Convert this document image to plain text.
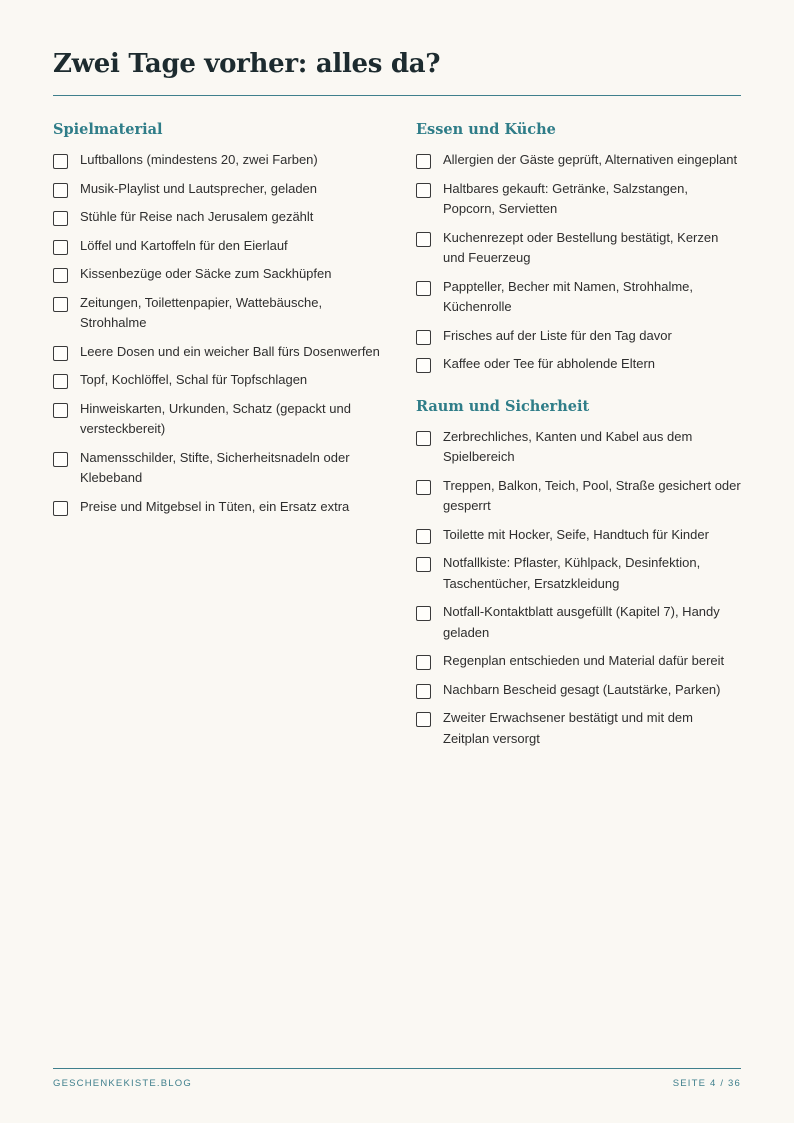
Zwei Tage vorher: alles da?
Spielmaterial
Luftballons (mindestens 20, zwei Farben)
Musik-Playlist und Lautsprecher, geladen
Stühle für Reise nach Jerusalem gezählt
Löffel und Kartoffeln für den Eierlauf
Kissenbezüge oder Säcke zum Sackhüpfen
Zeitungen, Toilettenpapier, Wattebäusche, Strohhalme
Leere Dosen und ein weicher Ball fürs Dosenwerfen
Topf, Kochlöffel, Schal für Topfschlagen
Hinweiskarten, Urkunden, Schatz (gepackt und versteckbereit)
Namensschilder, Stifte, Sicherheitsnadeln oder Klebeband
Preise und Mitgebsel in Tüten, ein Ersatz extra
Essen und Küche
Allergien der Gäste geprüft, Alternativen eingeplant
Haltbares gekauft: Getränke, Salzstangen, Popcorn, Servietten
Kuchenrezept oder Bestellung bestätigt, Kerzen und Feuerzeug
Pappteller, Becher mit Namen, Strohhalme, Küchenrolle
Frisches auf der Liste für den Tag davor
Kaffee oder Tee für abholende Eltern
Raum und Sicherheit
Zerbrechliches, Kanten und Kabel aus dem Spielbereich
Treppen, Balkon, Teich, Pool, Straße gesichert oder gesperrt
Toilette mit Hocker, Seife, Handtuch für Kinder
Notfallkiste: Pflaster, Kühlpack, Desinfektion, Taschentücher, Ersatzkleidung
Notfall-Kontaktblatt ausgefüllt (Kapitel 7), Handy geladen
Regenplan entschieden und Material dafür bereit
Nachbarn Bescheid gesagt (Lautstärke, Parken)
Zweiter Erwachsener bestätigt und mit dem Zeitplan versorgt
GESCHENKEKISTE.BLOG	SEITE 4 / 36
